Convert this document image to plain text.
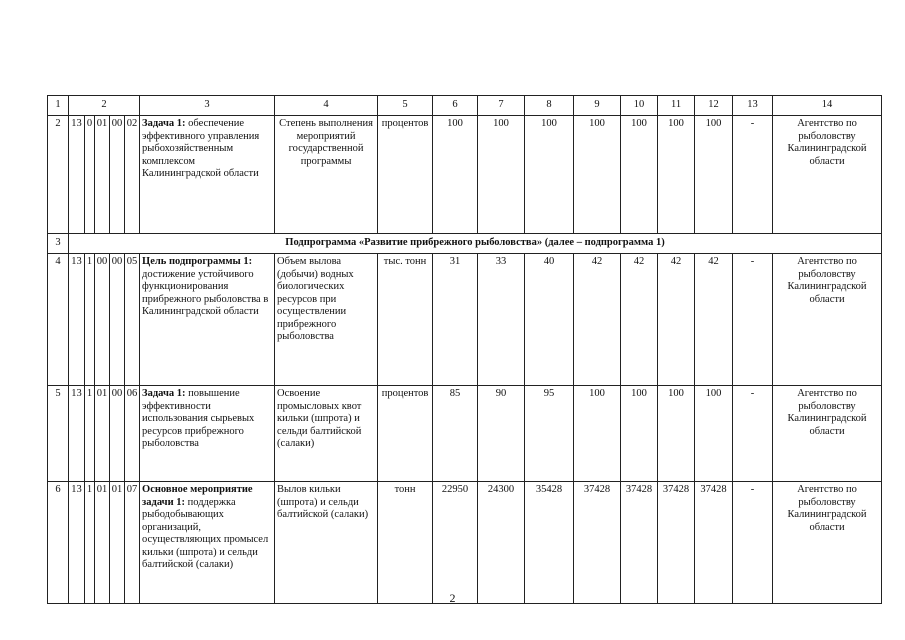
1	2					3	4	5	6	7	8	9	10	11	12	13	14
2	13	0	01	00	02	Задача 1: обеспечение эффективного управления рыбохозяйственным комплексом Калининградской области	Степень выполнения мероприятий государственной программы	процентов	100	100	100	100	100	100	100	-	Агентство по рыболовству Калининградской области
3	Подпрограмма «Развитие прибрежного рыболовства» (далее – подпрограмма 1)																
4	13	1	00	00	05	Цель подпрограммы 1: достижение устойчивого функционирования прибрежного рыболовства в Калининградской области	Объем вылова (добычи) водных биологических ресурсов при осуществлении прибрежного рыболовства	тыс. тонн	31	33	40	42	42	42	42	-	Агентство по рыболовству Калининградской области
5	13	1	01	00	06	Задача 1: повышение эффективности использования сырьевых ресурсов прибрежного рыболовства	Освоение промысловых квот кильки (шпрота) и сельди балтийской (салаки)	процентов	85	90	95	100	100	100	100	-	Агентство по рыболовству Калининградской области
6	13	1	01	01	07	Основное мероприятие задачи 1: поддержка рыбодобывающих организаций, осуществляющих промысел кильки (шпрота) и сельди балтийской (салаки)	Вылов кильки (шпрота) и сельди балтийской (салаки)	тонн	22950	24300	35428	37428	37428	37428	37428	-	Агентство по рыболовству Калининградской области
2
